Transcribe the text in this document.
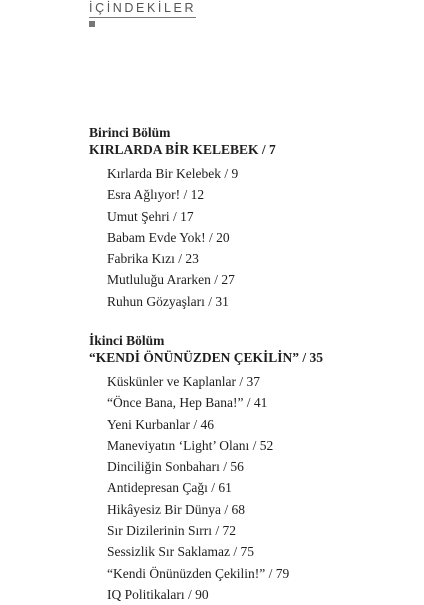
İÇİNDEKİLER
Birinci Bölüm
KIRLARDA BİR KELEBEK / 7
Kırlarda Bir Kelebek / 9
Esra Ağlıyor! / 12
Umut Şehri / 17
Babam Evde Yok! / 20
Fabrika Kızı / 23
Mutluluğu Ararken / 27
Ruhun Gözyaşları / 31
İkinci Bölüm
“KENDİ ÖNÜNÜZDEN ÇEKİLİN” / 35
Küskünler ve Kaplanlar / 37
“Önce Bana, Hep Bana!” / 41
Yeni Kurbanlar / 46
Maneviyatın ‘Light’ Olanı / 52
Dinciliğin Sonbaharı / 56
Antidepresan Çağı / 61
Hikâyesiz Bir Dünya / 68
Sır Dizilerinin Sırrı / 72
Sessizlik Sır Saklamaz / 75
“Kendi Önünüzden Çekilin!” / 79
IQ Politikaları / 90
